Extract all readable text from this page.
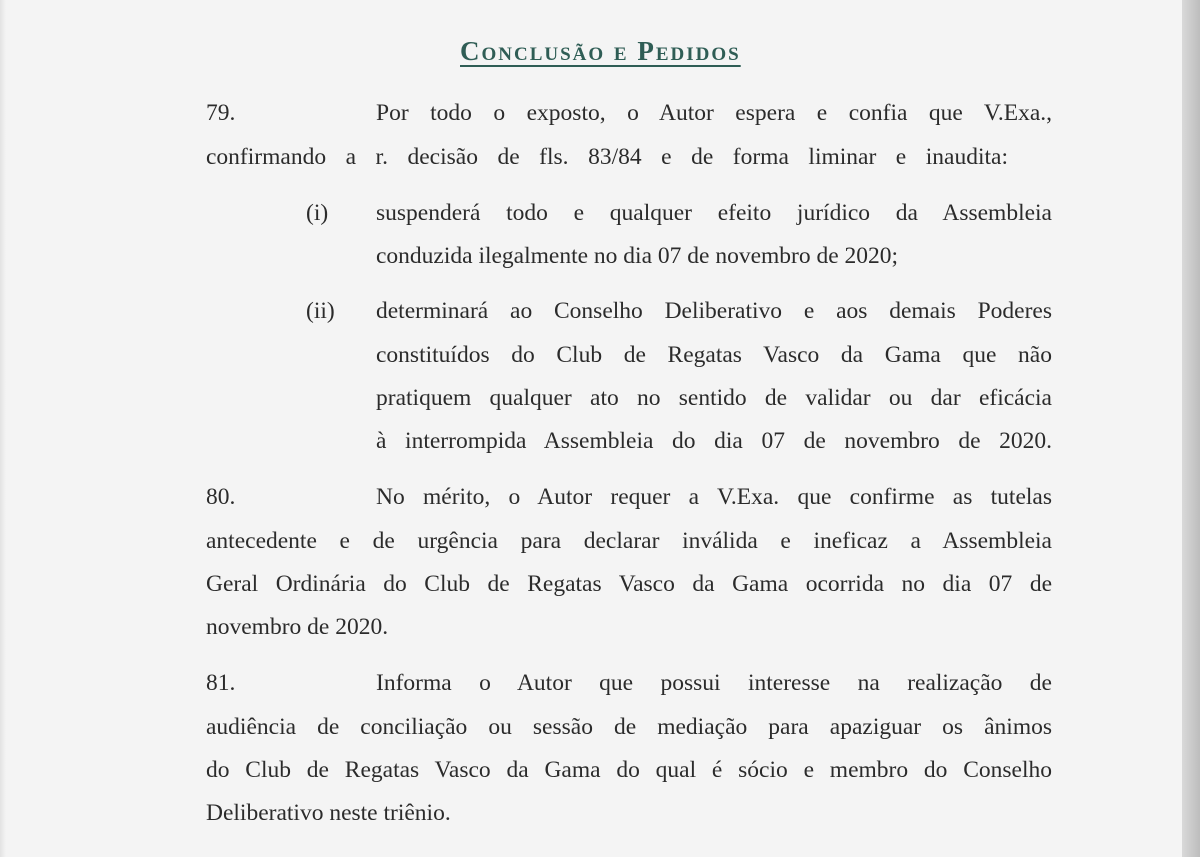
Conclusão e Pedidos
79.	Por todo o exposto, o Autor espera e confia que V.Exa.,
confirmando a r. decisão de fls. 83/84 e de forma liminar e inaudita:
(i) suspenderá todo e qualquer efeito jurídico da Assembleia
conduzida ilegalmente no dia 07 de novembro de 2020;
(ii) determinará ao Conselho Deliberativo e aos demais Poderes
constituídos do Club de Regatas Vasco da Gama que não
pratiquem qualquer ato no sentido de validar ou dar eficácia
à interrompida Assembleia do dia 07 de novembro de 2020.
80.	No mérito, o Autor requer a V.Exa. que confirme as tutelas
antecedente e de urgência para declarar inválida e ineficaz a Assembleia
Geral Ordinária do Club de Regatas Vasco da Gama ocorrida no dia 07 de
novembro de 2020.
81.	Informa o Autor que possui interesse na realização de
audiência de conciliação ou sessão de mediação para apaziguar os ânimos
do Club de Regatas Vasco da Gama do qual é sócio e membro do Conselho
Deliberativo neste triênio.
